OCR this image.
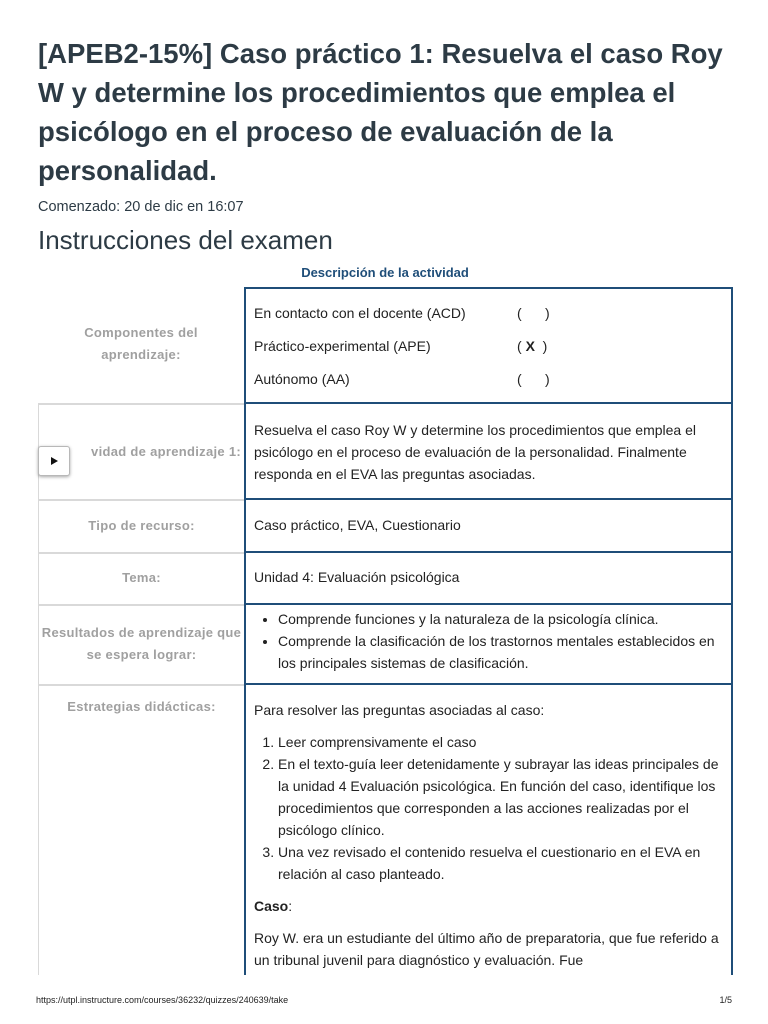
[APEB2-15%] Caso práctico 1: Resuelva el caso Roy W y determine los procedimientos que emplea el psicólogo en el proceso de evaluación de la personalidad.
Comenzado: 20 de dic en 16:07
Instrucciones del examen
Descripción de la actividad
Componentes del aprendizaje:
En contacto con el docente (ACD)	(      )
Práctico-experimental (APE)	( X  )
Autónomo (AA)	(      )
vidad de aprendizaje 1:
Resuelva el caso Roy W y determine los procedimientos que emplea el psicólogo en el proceso de evaluación de la personalidad. Finalmente responda en el EVA las preguntas asociadas.
Tipo de recurso:	Caso práctico, EVA, Cuestionario
Tema:	Unidad 4: Evaluación psicológica
Resultados de aprendizaje que se espera lograr:
• Comprende funciones y la naturaleza de la psicología clínica.
• Comprende la clasificación de los trastornos mentales establecidos en los principales sistemas de clasificación.
Estrategias didácticas:	Para resolver las preguntas asociadas al caso:
1. Leer comprensivamente el caso
2. En el texto-guía leer detenidamente y subrayar las ideas principales de la unidad 4 Evaluación psicológica. En función del caso, identifique los procedimientos que corresponden a las acciones realizadas por el psicólogo clínico.
3. Una vez revisado el contenido resuelva el cuestionario en el EVA en relación al caso planteado.
Caso:
Roy W. era un estudiante del último año de preparatoria, que fue referido a un tribunal juvenil para diagnóstico y evaluación. Fue
https://utpl.instructure.com/courses/36232/quizzes/240639/take	1/5
